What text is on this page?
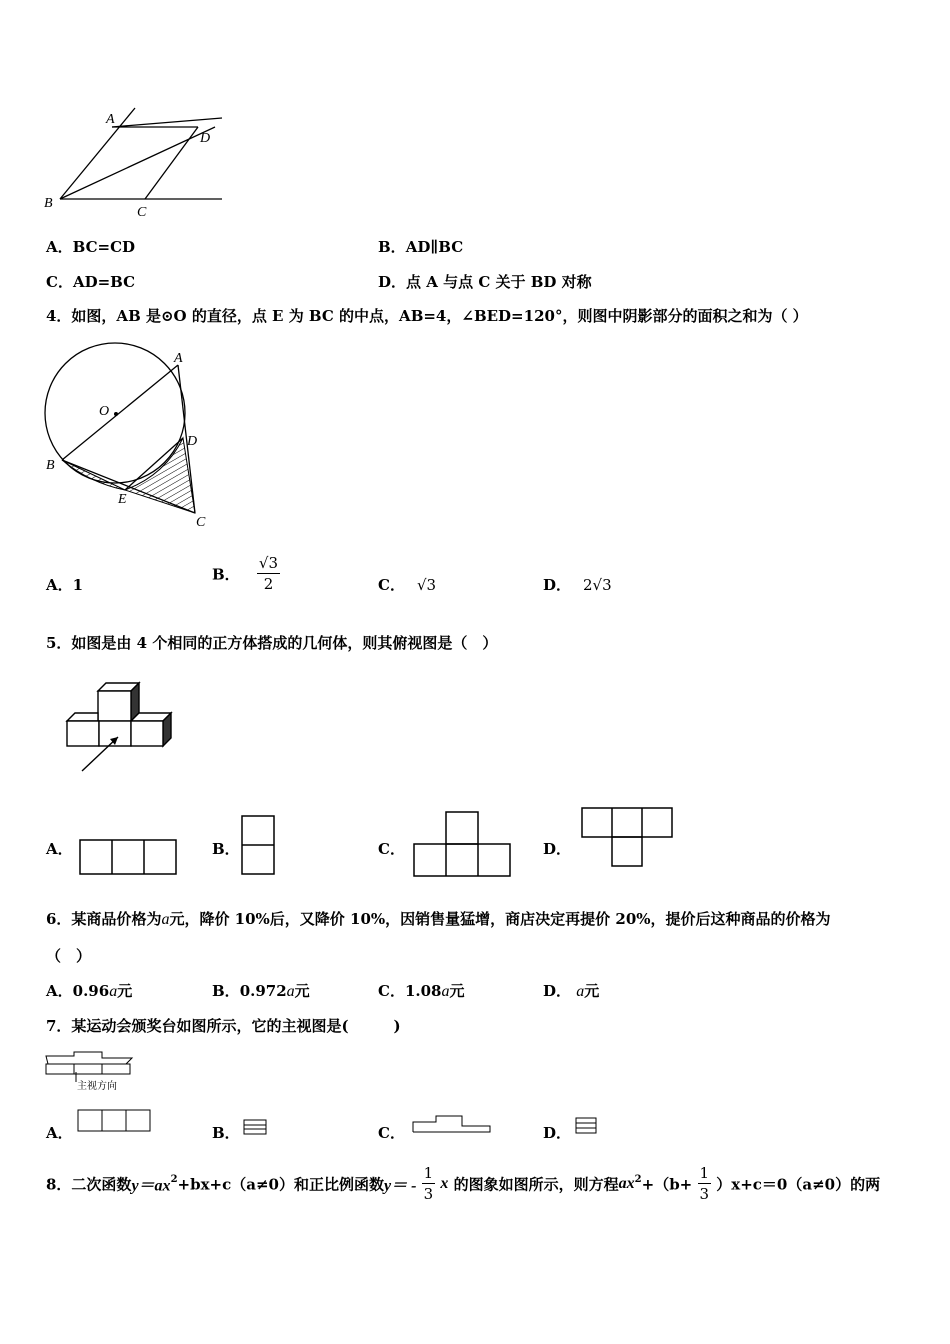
A
D
B
C
A．BC=CD	B．AD∥BC
C．AD=BC	D．点 A 与点 C 关于 BD 对称
4．如图，AB 是⊙O 的直径，点 E 为 BC 的中点，AB=4，∠BED=120°，则图中阴影部分的面积之和为（ ）
A
O
D
B
E
C
A．1
B． $\frac{√3}{2}$	C． √3	D． 2√3
5．如图是由 4 个相同的正方体搭成的几何体，则其俯视图是（　）
A．	B．	C．	D．
6．某商品价格为a元，降价 10%后，又降价 10%，因销售量猛增，商店决定再提价 20%，提价后这种商品的价格为
（　）
A．0.96a元	B．0.972a元	C．1.08a元	D． a元
7．某运动会颁奖台如图所示，它的主视图是(　　　)
主视方向
A．	B．	C．	D．
8．二次函数$y=ax^2+bx+c(a\ne 0)$和正比例函数$y= - \frac{1}{3}$ x 的图象如图所示，则方程$ax^2+(b+ \frac{1}{3} )x+c=0(a\ne 0)$的两
